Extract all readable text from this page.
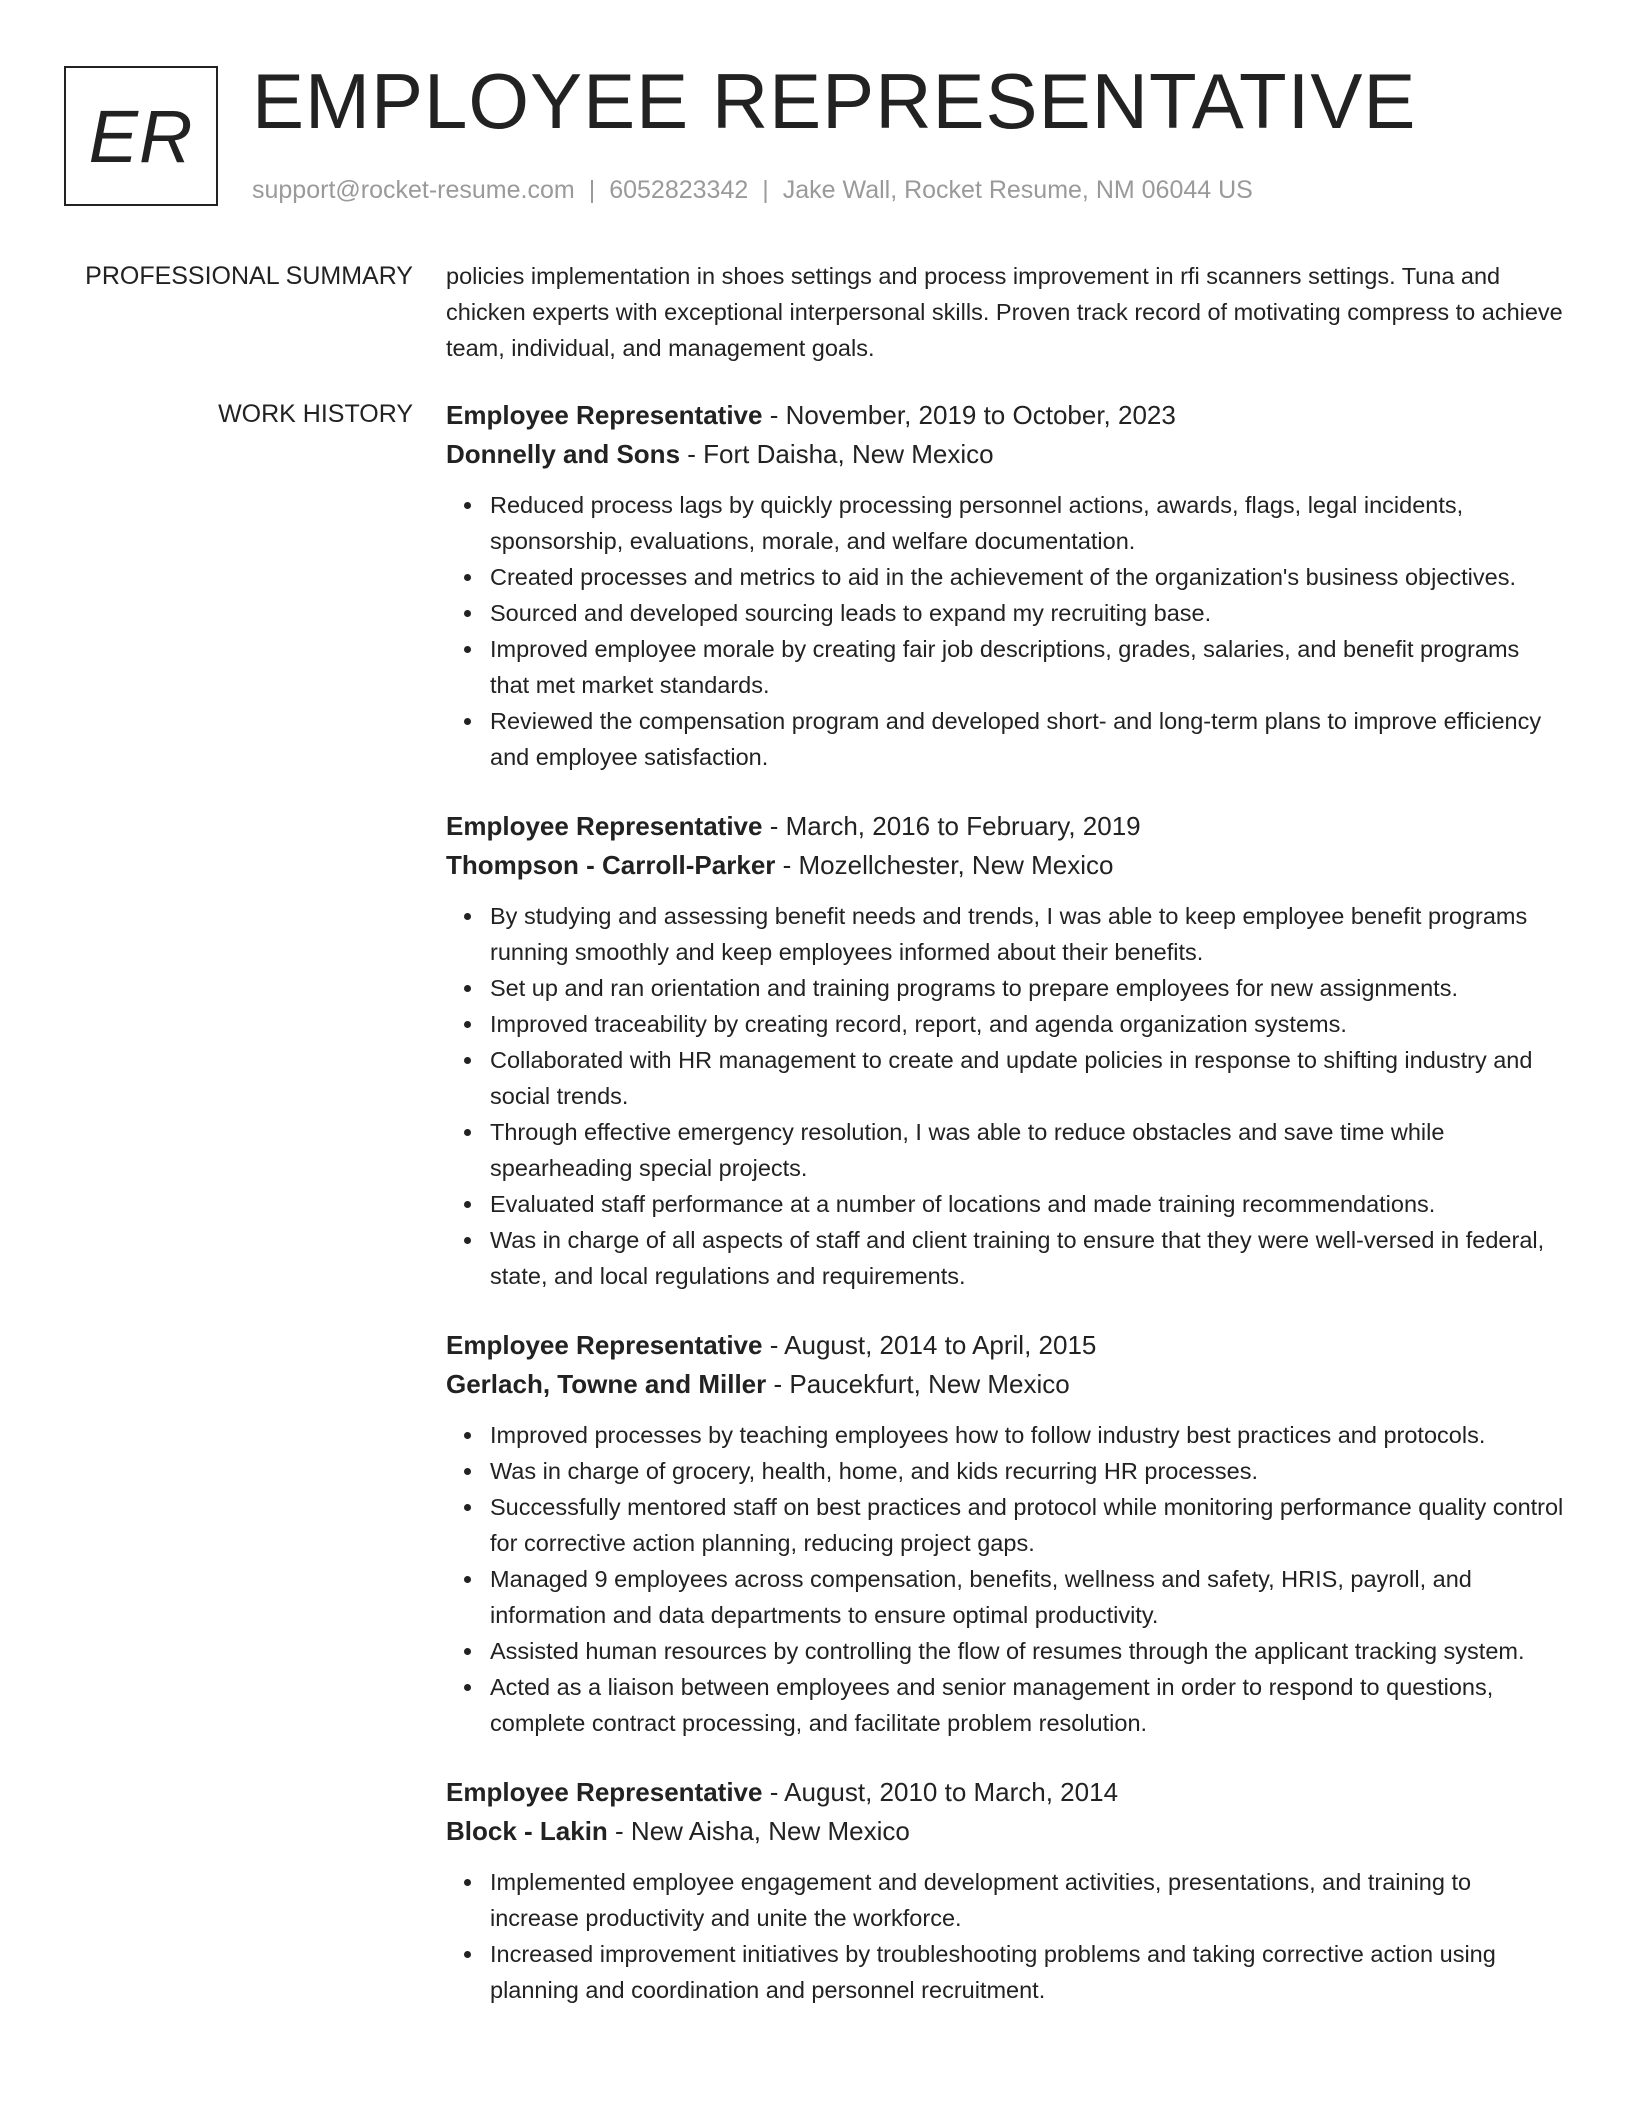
ER EMPLOYEE REPRESENTATIVE
support@rocket-resume.com | 6052823342 | Jake Wall, Rocket Resume, NM 06044 US
PROFESSIONAL SUMMARY policies implementation in shoes settings and process improvement in rfi scanners settings. Tuna and chicken experts with exceptional interpersonal skills. Proven track record of motivating compress to achieve team, individual, and management goals.

WORK HISTORY Employee Representative - November, 2019 to October, 2023
Donnelly and Sons - Fort Daisha, New Mexico
Reduced process lags by quickly processing personnel actions, awards, flags, legal incidents, sponsorship, evaluations, morale, and welfare documentation.
Created processes and metrics to aid in the achievement of the organization's business objectives.
Sourced and developed sourcing leads to expand my recruiting base.
Improved employee morale by creating fair job descriptions, grades, salaries, and benefit programs that met market standards.
Reviewed the compensation program and developed short- and long-term plans to improve efficiency and employee satisfaction.
Employee Representative - March, 2016 to February, 2019
Thompson - Carroll-Parker - Mozellchester, New Mexico
By studying and assessing benefit needs and trends, I was able to keep employee benefit programs running smoothly and keep employees informed about their benefits.
Set up and ran orientation and training programs to prepare employees for new assignments.
Improved traceability by creating record, report, and agenda organization systems.
Collaborated with HR management to create and update policies in response to shifting industry and social trends.
Through effective emergency resolution, I was able to reduce obstacles and save time while spearheading special projects.
Evaluated staff performance at a number of locations and made training recommendations.
Was in charge of all aspects of staff and client training to ensure that they were well-versed in federal, state, and local regulations and requirements.
Employee Representative - August, 2014 to April, 2015
Gerlach, Towne and Miller - Paucekfurt, New Mexico
Improved processes by teaching employees how to follow industry best practices and protocols.
Was in charge of grocery, health, home, and kids recurring HR processes.
Successfully mentored staff on best practices and protocol while monitoring performance quality control for corrective action planning, reducing project gaps.
Managed 9 employees across compensation, benefits, wellness and safety, HRIS, payroll, and information and data departments to ensure optimal productivity.
Assisted human resources by controlling the flow of resumes through the applicant tracking system.
Acted as a liaison between employees and senior management in order to respond to questions, complete contract processing, and facilitate problem resolution.
Employee Representative - August, 2010 to March, 2014
Block - Lakin - New Aisha, New Mexico
Implemented employee engagement and development activities, presentations, and training to increase productivity and unite the workforce.
Increased improvement initiatives by troubleshooting problems and taking corrective action using planning and coordination and personnel recruitment.
